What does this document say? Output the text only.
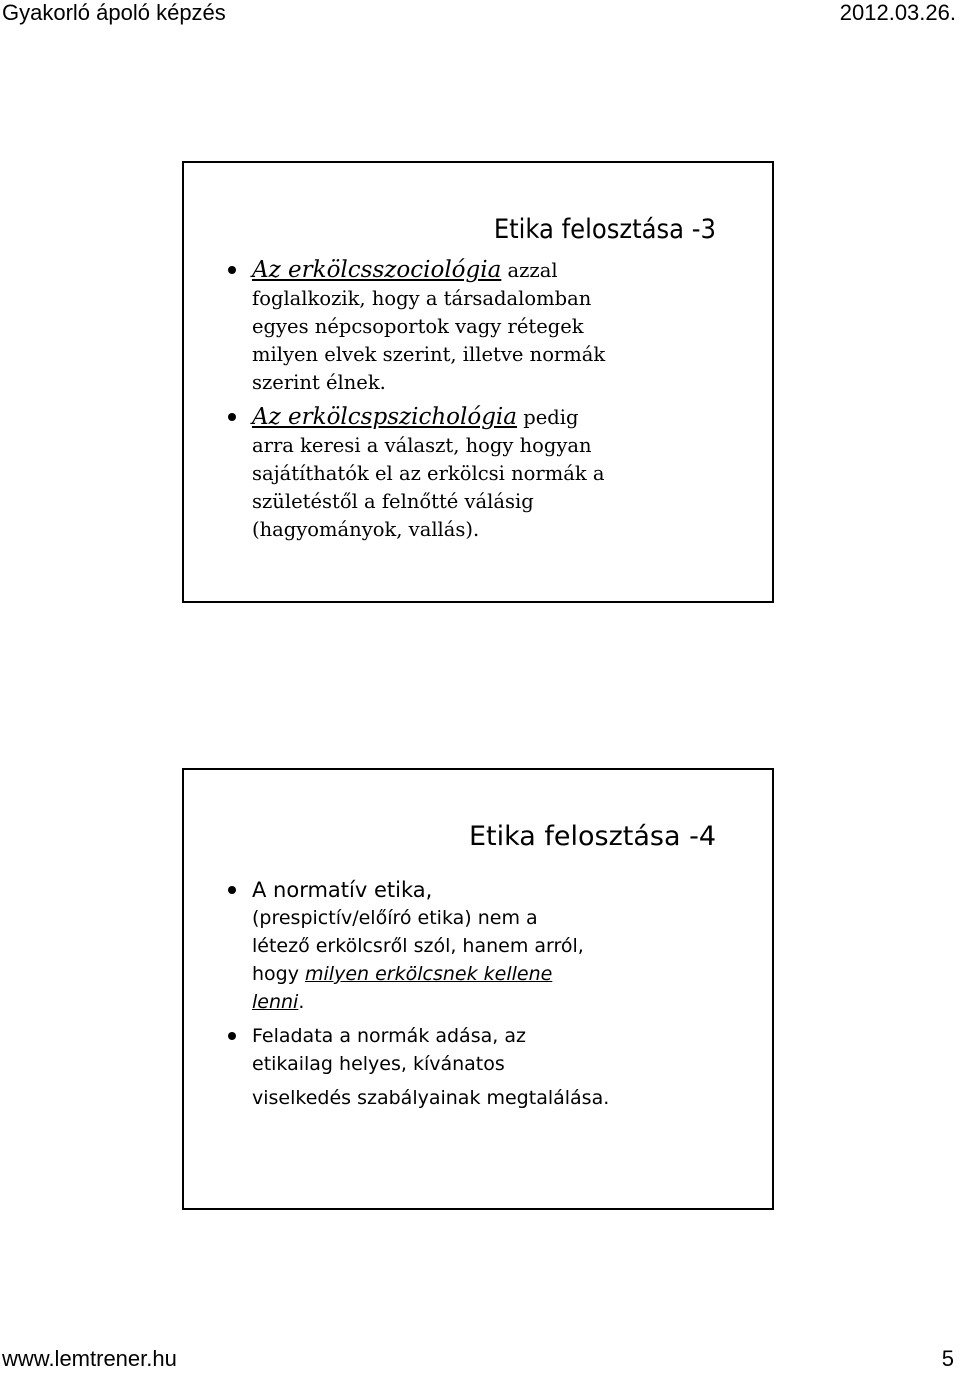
Gyakorló ápoló képzés	2012.03.26.
Etika felosztása -3
Az erkölcsszociológia azzal
foglalkozik, hogy a társadalomban
egyes népcsoportok vagy rétegek
milyen elvek szerint, illetve normák
szerint élnek.
Az erkölcspszichológia pedig
arra keresi a választ, hogy hogyan
sajátíthatók el az erkölcsi normák a
születéstől a felnőtté válásig
(hagyományok, vallás).
Etika felosztása -4
A normatív etika,
(prespictív/előíró etika) nem a
létező erkölcsről szól, hanem arról,
hogy milyen erkölcsnek kellene
lenni.
Feladata a normák adása, az
etikailag helyes, kívánatos
viselkedés szabályainak megtalálása.
www.lemtrener.hu	5
